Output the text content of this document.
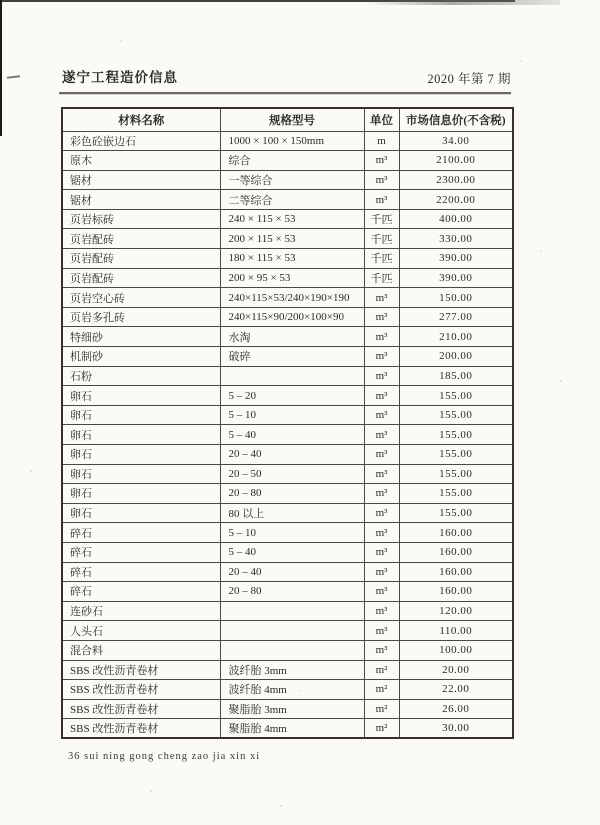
遂宁工程造价信息	2020 年第 7 期
材料名称	规格型号	单位	市场信息价(不含税)
彩色砼嵌边石	1000 × 100 × 150mm	m	34.00
原木	综合	m³	2100.00
锯材	一等综合	m³	2300.00
锯材	二等综合	m³	2200.00
页岩标砖	240 × 115 × 53	千匹	400.00
页岩配砖	200 × 115 × 53	千匹	330.00
页岩配砖	180 × 115 × 53	千匹	390.00
页岩配砖	200 × 95 × 53	千匹	390.00
页岩空心砖	240×115×53/240×190×190	m³	150.00
页岩多孔砖	240×115×90/200×100×90	m³	277.00
特细砂	水淘	m³	210.00
机制砂	破碎	m³	200.00
石粉		m³	185.00
卵石	5 – 20	m³	155.00
卵石	5 – 10	m³	155.00
卵石	5 – 40	m³	155.00
卵石	20 – 40	m³	155.00
卵石	20 – 50	m³	155.00
卵石	20 – 80	m³	155.00
卵石	80 以上	m³	155.00
碎石	5 – 10	m³	160.00
碎石	5 – 40	m³	160.00
碎石	20 – 40	m³	160.00
碎石	20 – 80	m³	160.00
连砂石		m³	120.00
人头石		m³	110.00
混合料		m³	100.00
SBS 改性沥青卷材	波纤胎 3mm	m²	20.00
SBS 改性沥青卷材	波纤胎 4mm	m²	22.00
SBS 改性沥青卷材	聚脂胎 3mm	m²	26.00
SBS 改性沥青卷材	聚脂胎 4mm	m²	30.00
36 sui ning gong cheng zao jia xin xi
